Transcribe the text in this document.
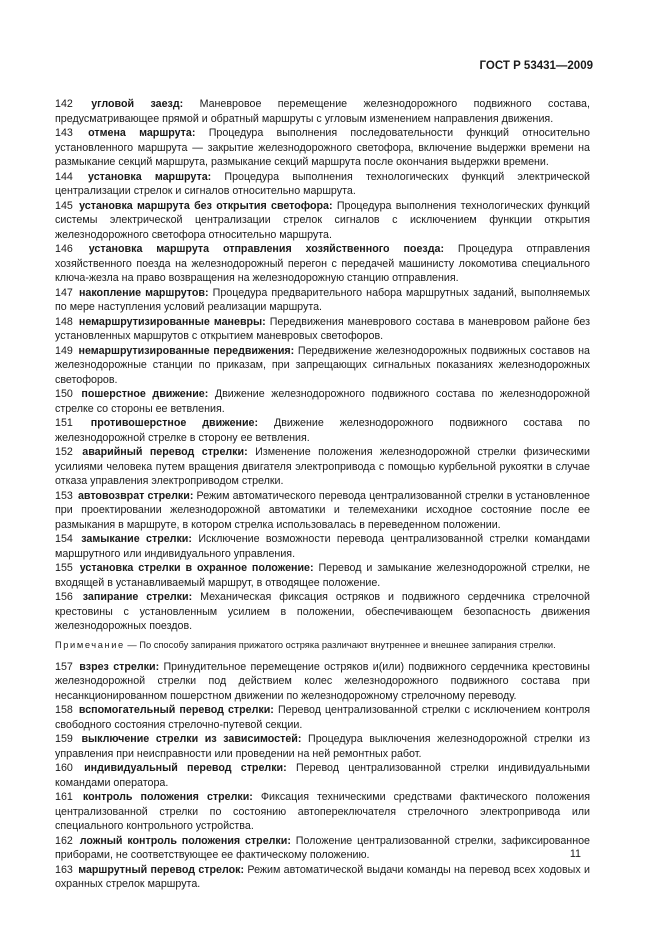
ГОСТ Р 53431—2009
142 угловой заезд: Маневровое перемещение железнодорожного подвижного состава, предусматривающее прямой и обратный маршруты с угловым изменением направления движения.
143 отмена маршрута: Процедура выполнения последовательности функций относительно установленного маршрута — закрытие железнодорожного светофора, включение выдержки времени на размыкание секций маршрута, размыкание секций маршрута после окончания выдержки времени.
144 установка маршрута: Процедура выполнения технологических функций электрической централизации стрелок и сигналов относительно маршрута.
145 установка маршрута без открытия светофора: Процедура выполнения технологических функций системы электрической централизации стрелок сигналов с исключением функции открытия железнодорожного светофора относительно маршрута.
146 установка маршрута отправления хозяйственного поезда: Процедура отправления хозяйственного поезда на железнодорожный перегон с передачей машинисту локомотива специального ключа-жезла на право возвращения на железнодорожную станцию отправления.
147 накопление маршрутов: Процедура предварительного набора маршрутных заданий, выполняемых по мере наступления условий реализации маршрута.
148 немаршрутизированные маневры: Передвижения маневрового состава в маневровом районе без установленных маршрутов с открытием маневровых светофоров.
149 немаршрутизированные передвижения: Передвижение железнодорожных подвижных составов на железнодорожные станции по приказам, при запрещающих сигнальных показаниях железнодорожных светофоров.
150 пошерстное движение: Движение железнодорожного подвижного состава по железнодорожной стрелке со стороны ее ветвления.
151 противошерстное движение: Движение железнодорожного подвижного состава по железнодорожной стрелке в сторону ее ветвления.
152 аварийный перевод стрелки: Изменение положения железнодорожной стрелки физическими усилиями человека путем вращения двигателя электропривода с помощью курбельной рукоятки в случае отказа управления электроприводом стрелки.
153 автовозврат стрелки: Режим автоматического перевода централизованной стрелки в установленное при проектировании железнодорожной автоматики и телемеханики исходное состояние после ее размыкания в маршруте, в котором стрелка использовалась в переведенном положении.
154 замыкание стрелки: Исключение возможности перевода централизованной стрелки командами маршрутного или индивидуального управления.
155 установка стрелки в охранное положение: Перевод и замыкание железнодорожной стрелки, не входящей в устанавливаемый маршрут, в отводящее положение.
156 запирание стрелки: Механическая фиксация остряков и подвижного сердечника стрелочной крестовины с установленным усилием в положении, обеспечивающем безопасность движения железнодорожных поездов.
Примечание — По способу запирания прижатого остряка различают внутреннее и внешнее запирания стрелки.
157 взрез стрелки: Принудительное перемещение остряков и(или) подвижного сердечника крестовины железнодорожной стрелки под действием колес железнодорожного подвижного состава при несанкционированном пошерстном движении по железнодорожному стрелочному переводу.
158 вспомогательный перевод стрелки: Перевод централизованной стрелки с исключением контроля свободного состояния стрелочно-путевой секции.
159 выключение стрелки из зависимостей: Процедура выключения железнодорожной стрелки из управления при неисправности или проведении на ней ремонтных работ.
160 индивидуальный перевод стрелки: Перевод централизованной стрелки индивидуальными командами оператора.
161 контроль положения стрелки: Фиксация техническими средствами фактического положения централизованной стрелки по состоянию автопереключателя стрелочного электропривода или специального контрольного устройства.
162 ложный контроль положения стрелки: Положение централизованной стрелки, зафиксированное приборами, не соответствующее ее фактическому положению.
163 маршрутный перевод стрелок: Режим автоматической выдачи команды на перевод всех ходовых и охранных стрелок маршрута.
11
